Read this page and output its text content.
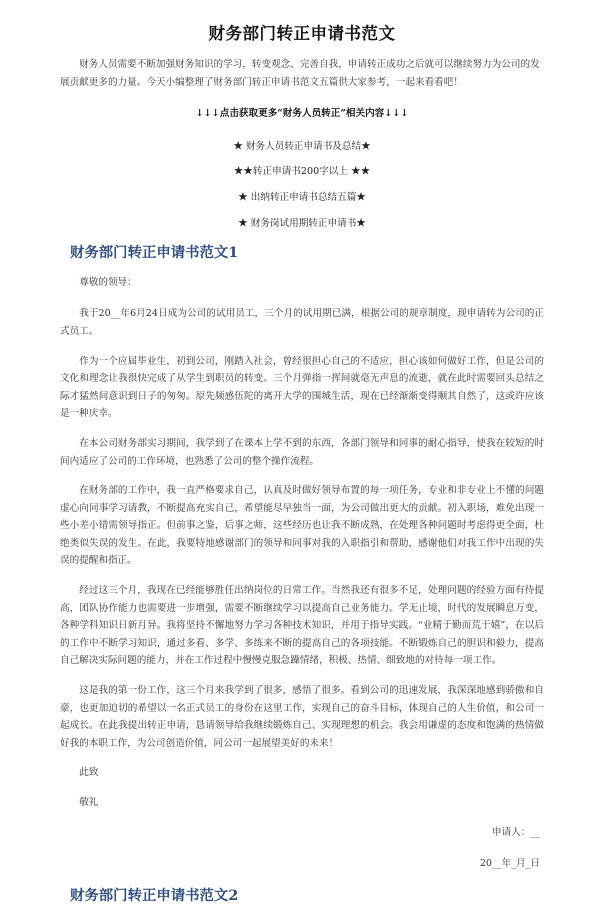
财务部门转正申请书范文

财务人员需要不断加强财务知识的学习，转变观念、完善自我，申请转正成功之后就可以继续努力为公司的发展贡献更多的力量。今天小编整理了财务部门转正申请书范文五篇供大家参考，一起来看看吧！

↓↓↓点击获取更多“财务人员转正”相关内容↓↓↓

★ 财务人员转正申请书及总结★
★★转正申请书200字以上 ★★
★ 出纳转正申请书总结五篇★
★ 财务岗试用期转正申请书★
财务部门转正申请书范文1

尊敬的领导：

我于20__年6月24日成为公司的试用员工，三个月的试用期已满，根据公司的规章制度，现申请转为公司的正式员工。

作为一个应届毕业生，初到公司，刚踏入社会，曾经很担心自己的不适应，担心该如何做好工作，但是公司的文化和理念让我很快完成了从学生到职员的转变。三个月弹指一挥间就毫无声息的流逝，就在此时需要回头总结之际才猛然间意识到日子的匆匆。原先频感伍陀的离开大学的围城生活，现在已经渐渐变得顺其自然了，这或许应该是一种庆幸。

在本公司财务部实习期间，我学到了在课本上学不到的东西，各部门领导和同事的耐心指导，使我在较短的时间内适应了公司的工作环境，也熟悉了公司的整个操作流程。

在财务部的工作中，我一直严格要求自己，认真及时做好领导布置的每一项任务，专业和非专业上不懂的问题虚心向同事学习请教，不断提高充实自己，希望能尽早独当一面，为公司做出更大的贡献。初入职场，难免出现一些小差小错需领导指正。但前事之鉴，后事之师，这些经历也让我不断成熟，在处理各种问题时考虑得更全面，杜绝类似失误的发生。在此，我要特地感谢部门的领导和同事对我的入职指引和帮助，感谢他们对我工作中出现的失误的提醒和指正。

经过这三个月，我现在已经能够胜任出纳岗位的日常工作。当然我还有很多不足，处理问题的经验方面有待提高，团队协作能力也需要进一步增强，需要不断继续学习以提高自己业务能力。学无止境，时代的发展瞬息万变，各种学科知识日新月异。我将坚持不懈地努力学习各种技术知识，并用于指导实践。“业精于勤而荒于嬉”，在以后的工作中不断学习知识，通过多看、多学、多练来不断的提高自己的各项技能。不断锻炼自己的胆识和毅力，提高自己解决实际问题的能力，并在工作过程中慢慢克服急躁情绪，积极、热情、细致地的对待每一项工作。

这是我的第一份工作，这三个月来我学到了很多，感悟了很多。看到公司的迅速发展，我深深地感到骄傲和自豪，也更加迫切的希望以一名正式员工的身份在这里工作，实现自己的奋斗目标，体现自己的人生价值，和公司一起成长。在此我提出转正申请，恳请领导给我继续锻炼自己、实现理想的机会。我会用谦虚的态度和饱满的热情做好我的本职工作，为公司创造价值，同公司一起展望美好的未来！

此致

敬礼

申请人：__

20__年_月_日

财务部门转正申请书范文2
